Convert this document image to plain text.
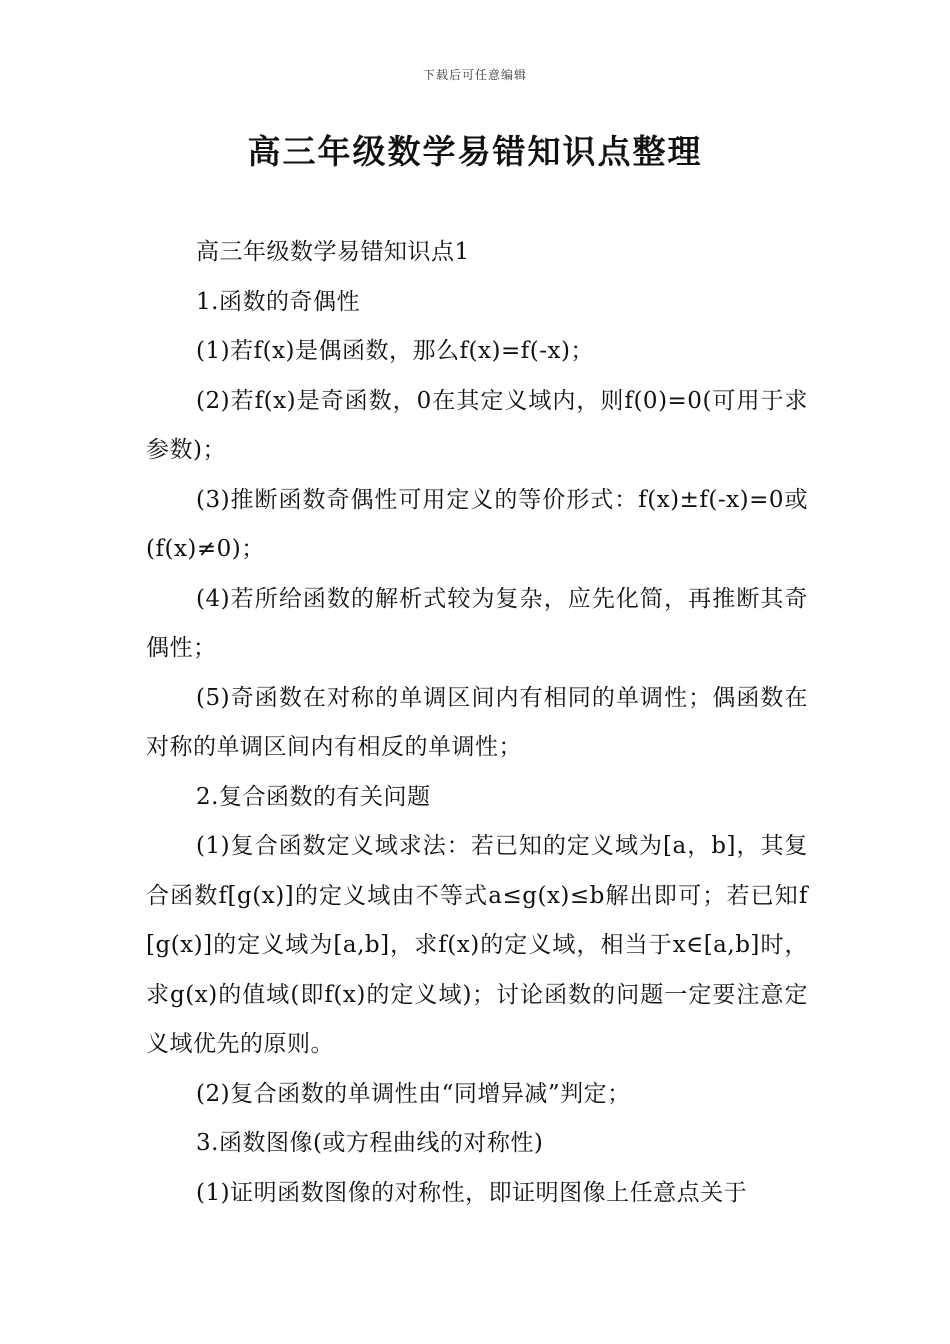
下载后可任意编辑
高三年级数学易错知识点整理

高三年级数学易错知识点1

1.函数的奇偶性

(1)若f(x)是偶函数，那么f(x)=f(-x)；

(2)若f(x)是奇函数，0在其定义域内，则f(0)=0(可用于求参数)；

(3)推断函数奇偶性可用定义的等价形式：f(x)±f(-x)=0或(f(x)≠0)；

(4)若所给函数的解析式较为复杂，应先化简，再推断其奇偶性；

(5)奇函数在对称的单调区间内有相同的单调性；偶函数在对称的单调区间内有相反的单调性；

2.复合函数的有关问题

(1)复合函数定义域求法：若已知的定义域为[a，b]，其复合函数f[g(x)]的定义域由不等式a≤g(x)≤b解出即可；若已知f[g(x)]的定义域为[a,b]，求f(x)的定义域，相当于x∈[a,b]时，求g(x)的值域(即f(x)的定义域)；讨论函数的问题一定要注意定义域优先的原则。

(2)复合函数的单调性由“同增异减”判定；

3.函数图像(或方程曲线的对称性)

(1)证明函数图像的对称性，即证明图像上任意点关于
